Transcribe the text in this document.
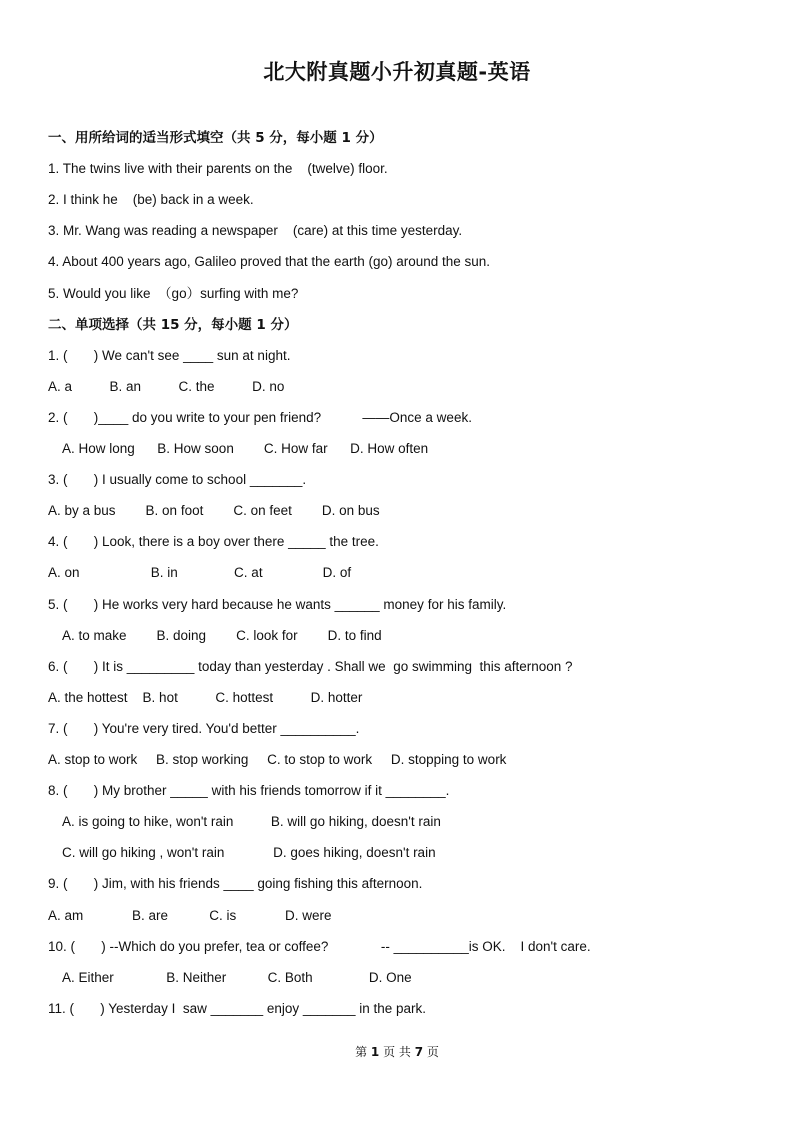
北大附真题小升初真题-英语
一、用所给词的适当形式填空（共 5 分，每小题 1 分）
1. The twins live with their parents on the    (twelve) floor.
2. I think he    (be) back in a week.
3. Mr. Wang was reading a newspaper    (care) at this time yesterday.
4. About 400 years ago, Galileo proved that the earth (go) around the sun.
5. Would you like  （go）surfing with me?
二、单项选择（共 15 分，每小题 1 分）
1. (       ) We can't see ____ sun at night.
A. a          B. an          C. the          D. no
2. (       )____ do you write to your pen friend?           ——Once a week.
A. How long      B. How soon        C. How far      D. How often
3. (       ) I usually come to school _______.
A. by a bus        B. on foot        C. on feet        D. on bus
4. (       ) Look, there is a boy over there _____ the tree.
A. on                   B. in               C. at                D. of
5. (       ) He works very hard because he wants ______ money for his family.
A. to make        B. doing        C. look for        D. to find
6. (       ) It is _________ today than yesterday . Shall we  go swimming  this afternoon ?
A. the hottest    B. hot          C. hottest          D. hotter
7. (       ) You're very tired. You'd better __________.
A. stop to work     B. stop working     C. to stop to work     D. stopping to work
8. (       ) My brother _____ with his friends tomorrow if it ________.
A. is going to hike, won't rain          B. will go hiking, doesn't rain
C. will go hiking , won't rain             D. goes hiking, doesn't rain
9. (       ) Jim, with his friends ____ going fishing this afternoon.
A. am             B. are           C. is             D. were
10. (       ) --Which do you prefer, tea or coffee?              -- __________is OK.    I don't care.
A. Either              B. Neither           C. Both               D. One
11. (       ) Yesterday I  saw _______ enjoy _______ in the park.
第 1 页 共 7 页
